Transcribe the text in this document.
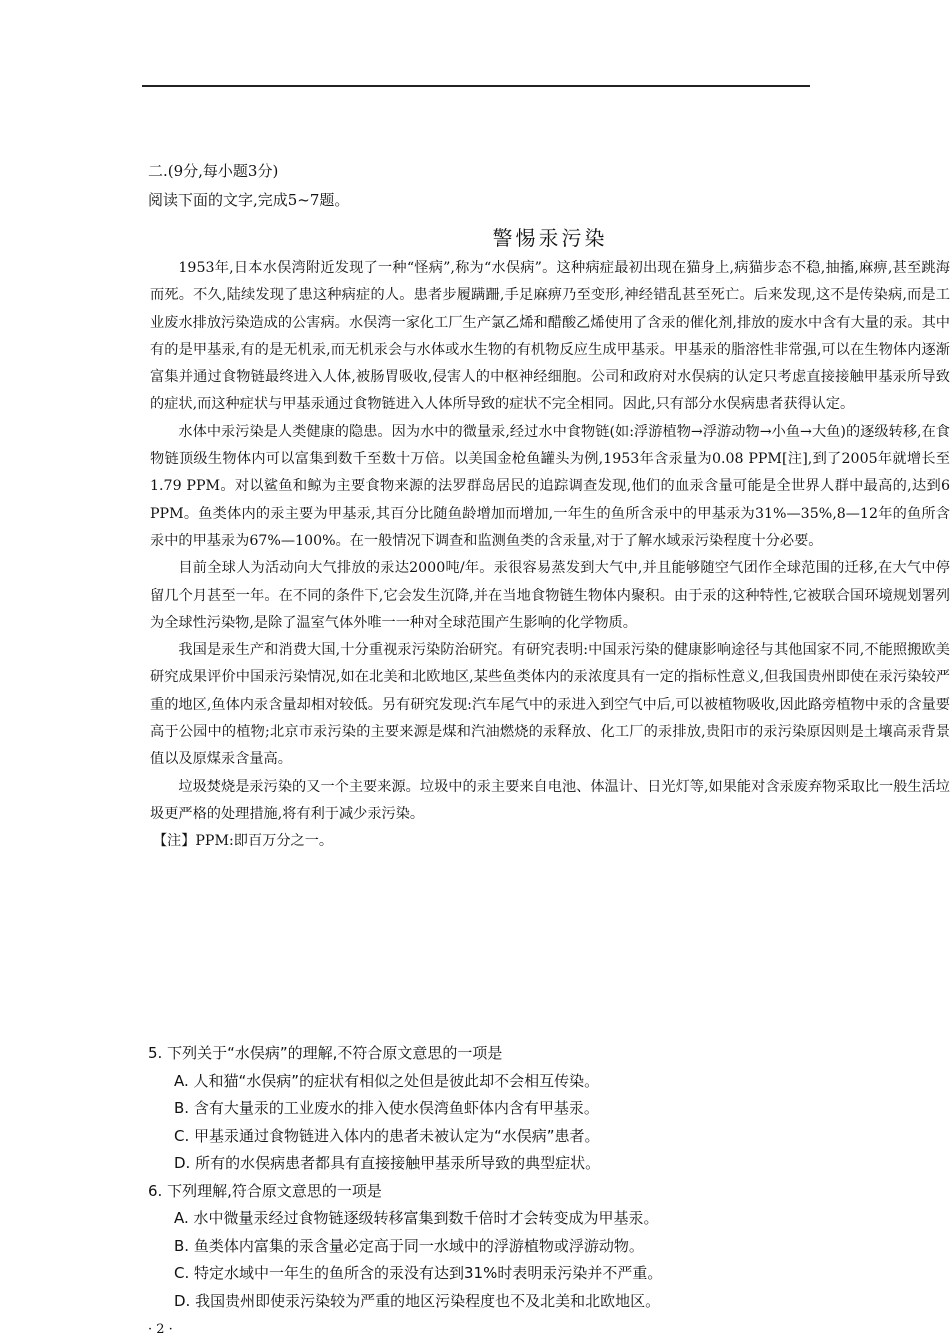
二.(9分,每小题3分)
阅读下面的文字,完成5~7题。
警惕汞污染

1953年,日本水俣湾附近发现了一种“怪病”,称为“水俣病”。这种病症最初出现在猫身上,病猫步态不稳,抽搐,麻痹,甚至跳海而死。不久,陆续发现了患这种病症的人。患者步履蹒跚,手足麻痹乃至变形,神经错乱甚至死亡。后来发现,这不是传染病,而是工业废水排放污染造成的公害病。水俣湾一家化工厂生产氯乙烯和醋酸乙烯使用了含汞的催化剂,排放的废水中含有大量的汞。其中有的是甲基汞,有的是无机汞,而无机汞会与水体或水生物的有机物反应生成甲基汞。甲基汞的脂溶性非常强,可以在生物体内逐渐富集并通过食物链最终进入人体,被肠胃吸收,侵害人的中枢神经细胞。公司和政府对水俣病的认定只考虑直接接触甲基汞所导致的症状,而这种症状与甲基汞通过食物链进入人体所导致的症状不完全相同。因此,只有部分水俣病患者获得认定。

水体中汞污染是人类健康的隐患。因为水中的微量汞,经过水中食物链(如:浮游植物→浮游动物→小鱼→大鱼)的逐级转移,在食物链顶级生物体内可以富集到数千至数十万倍。以美国金枪鱼罐头为例,1953年含汞量为0.08 PPM[注],到了2005年就增长至1.79 PPM。对以鲨鱼和鲸为主要食物来源的法罗群岛居民的追踪调查发现,他们的血汞含量可能是全世界人群中最高的,达到6 PPM。鱼类体内的汞主要为甲基汞,其百分比随鱼龄增加而增加,一年生的鱼所含汞中的甲基汞为31%—35%,8—12年的鱼所含汞中的甲基汞为67%—100%。在一般情况下调查和监测鱼类的含汞量,对于了解水域汞污染程度十分必要。

目前全球人为活动向大气排放的汞达2000吨/年。汞很容易蒸发到大气中,并且能够随空气团作全球范围的迁移,在大气中停留几个月甚至一年。在不同的条件下,它会发生沉降,并在当地食物链生物体内聚积。由于汞的这种特性,它被联合国环境规划署列为全球性污染物,是除了温室气体外唯一一种对全球范围产生影响的化学物质。

我国是汞生产和消费大国,十分重视汞污染防治研究。有研究表明:中国汞污染的健康影响途径与其他国家不同,不能照搬欧美研究成果评价中国汞污染情况,如在北美和北欧地区,某些鱼类体内的汞浓度具有一定的指标性意义,但我国贵州即使在汞污染较严重的地区,鱼体内汞含量却相对较低。另有研究发现:汽车尾气中的汞进入到空气中后,可以被植物吸收,因此路旁植物中汞的含量要高于公园中的植物;北京市汞污染的主要来源是煤和汽油燃烧的汞释放、化工厂的汞排放,贵阳市的汞污染原因则是土壤高汞背景值以及原煤汞含量高。

垃圾焚烧是汞污染的又一个主要来源。垃圾中的汞主要来自电池、体温计、日光灯等,如果能对含汞废弃物采取比一般生活垃圾更严格的处理措施,将有利于减少汞污染。

【注】PPM:即百万分之一。

5. 下列关于“水俣病”的理解,不符合原文意思的一项是
A. 人和猫“水俣病”的症状有相似之处但是彼此却不会相互传染。
B. 含有大量汞的工业废水的排入使水俣湾鱼虾体内含有甲基汞。
C. 甲基汞通过食物链进入体内的患者未被认定为“水俣病”患者。
D. 所有的水俣病患者都具有直接接触甲基汞所导致的典型症状。
6. 下列理解,符合原文意思的一项是
A. 水中微量汞经过食物链逐级转移富集到数千倍时才会转变成为甲基汞。
B. 鱼类体内富集的汞含量必定高于同一水域中的浮游植物或浮游动物。
C. 特定水域中一年生的鱼所含的汞没有达到31%时表明汞污染并不严重。
D. 我国贵州即使汞污染较为严重的地区污染程度也不及北美和北欧地区。
· 2 ·
